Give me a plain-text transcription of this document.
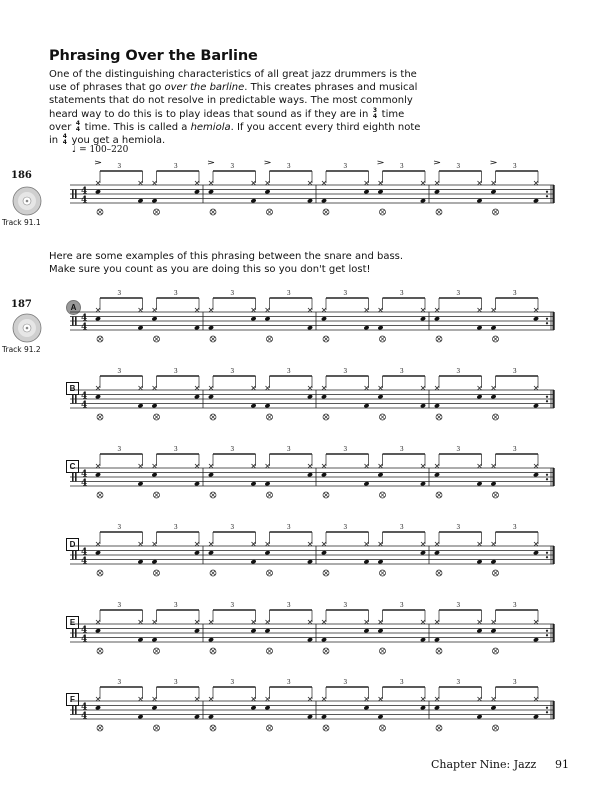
Phrasing Over the Barline

One of the distinguishing characteristics of all great jazz drummers is the use of phrases that go over the barline. This creates phrases and musical statements that do not resolve in predictable ways. The most commonly heard way to do this is to play ideas that sound as if they are in 3
4 time over 4
4 time. This is called a hemiola. If you accent every third eighth note in 4
4 you get a hemiola.

♩ = 100–220
186
Track 91.1
4
4
3	3	3	3	3	3	3	3
Here are some examples of this phrasing between the snare and bass. Make sure you count as you are doing this so you don't get lost!
187
Track 91.2
A
4
4
3	3	3	3	3	3	3	3
B
4
4
3	3	3	3	3	3	3	3
C
4
4
3	3	3	3	3	3	3	3
D
4
4
3	3	3	3	3	3	3	3
E
4
4
3	3	3	3	3	3	3	3
F
4
4
3	3	3	3	3	3	3	3
Chapter Nine: Jazz 91
